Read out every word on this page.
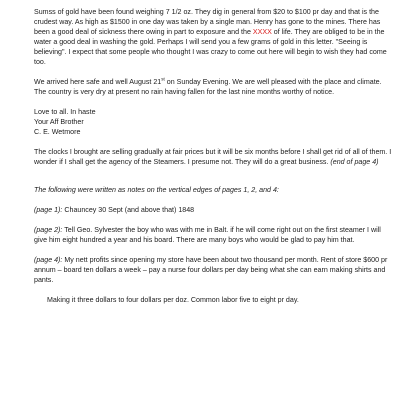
Sumss of gold have been found weighing 7 1/2 oz. They dig in general from $20 to $100 pr day and that is the crudest way. As high as $1500 in one day was taken by a single man. Henry has gone to the mines. There has been a good deal of sickness there owing in part to exposure and the XXXX of life. They are obliged to be in the water a good deal in washing the gold. Perhaps I will send you a few grams of gold in this letter. "Seeing is believing". I expect that some people who thought I was crazy to come out here will begin to wish they had come too.

We arrived here safe and well August 21st on Sunday Evening. We are well pleased with the place and climate. The country is very dry at present no rain having fallen for the last nine months worthy of notice.

Love to all. In haste
Your Aff Brother
C. E. Wetmore

The clocks I brought are selling gradually at fair prices but it will be six months before I shall get rid of all of them. I wonder if I shall get the agency of the Steamers. I presume not. They will do a great business. (end of page 4)

The following were written as notes on the vertical edges of pages 1, 2, and 4:

(page 1): Chauncey 30 Sept (and above that) 1848

(page 2): Tell Geo. Sylvester the boy who was with me in Balt. if he will come right out on the first steamer I will give him eight hundred a year and his board. There are many boys who would be glad to pay him that.

(page 4): My nett profits since opening my store have been about two thousand per month. Rent of store $600 pr annum – board ten dollars a week – pay a nurse four dollars per day being what she can earn making shirts and pants.

Making it three dollars to four dollars per doz. Common labor five to eight pr day.
